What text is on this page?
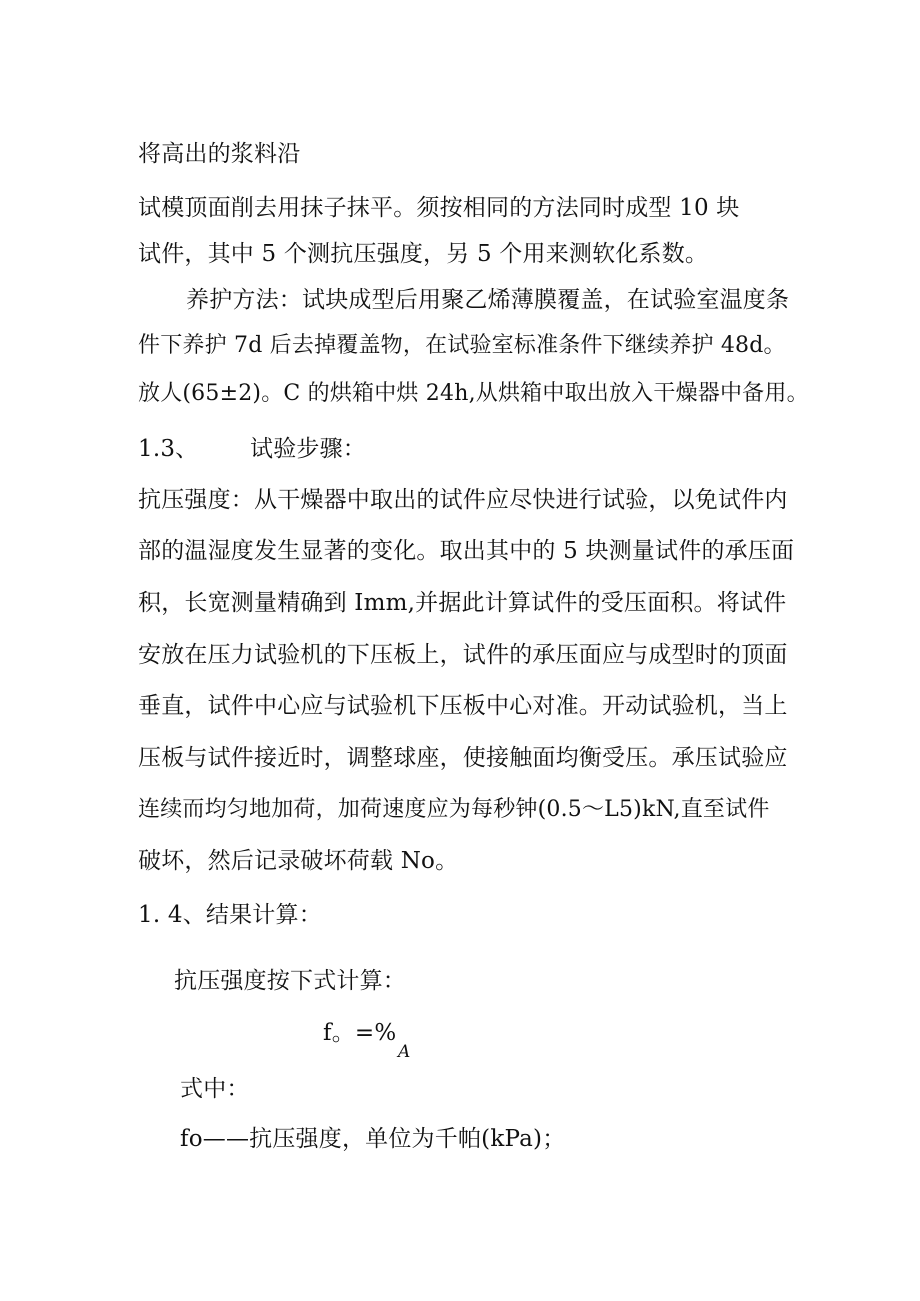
将高出的浆料沿
试模顶面削去用抹子抹平。须按相同的方法同时成型 10 块
试件，其中 5 个测抗压强度，另 5 个用来测软化系数。
养护方法：试块成型后用聚乙烯薄膜覆盖，在试验室温度条
件下养护 7d 后去掉覆盖物，在试验室标准条件下继续养护 48d。
放人(65±2)。C 的烘箱中烘 24h,从烘箱中取出放入干燥器中备用。
1.3、 试验步骤：
抗压强度：从干燥器中取出的试件应尽快进行试验，以免试件内
部的温湿度发生显著的变化。取出其中的 5 块测量试件的承压面
积，长宽测量精确到 Imm,并据此计算试件的受压面积。将试件
安放在压力试验机的下压板上，试件的承压面应与成型时的顶面
垂直，试件中心应与试验机下压板中心对准。开动试验机，当上
压板与试件接近时，调整球座，使接触面均衡受压。承压试验应
连续而均匀地加荷，加荷速度应为每秒钟(0.5～L5)kN,直至试件
破坏，然后记录破坏荷载 No。
1. 4、结果计算：
抗压强度按下式计算：
f。=%
A
式中：
fo——抗压强度，单位为千帕(kPa)；
